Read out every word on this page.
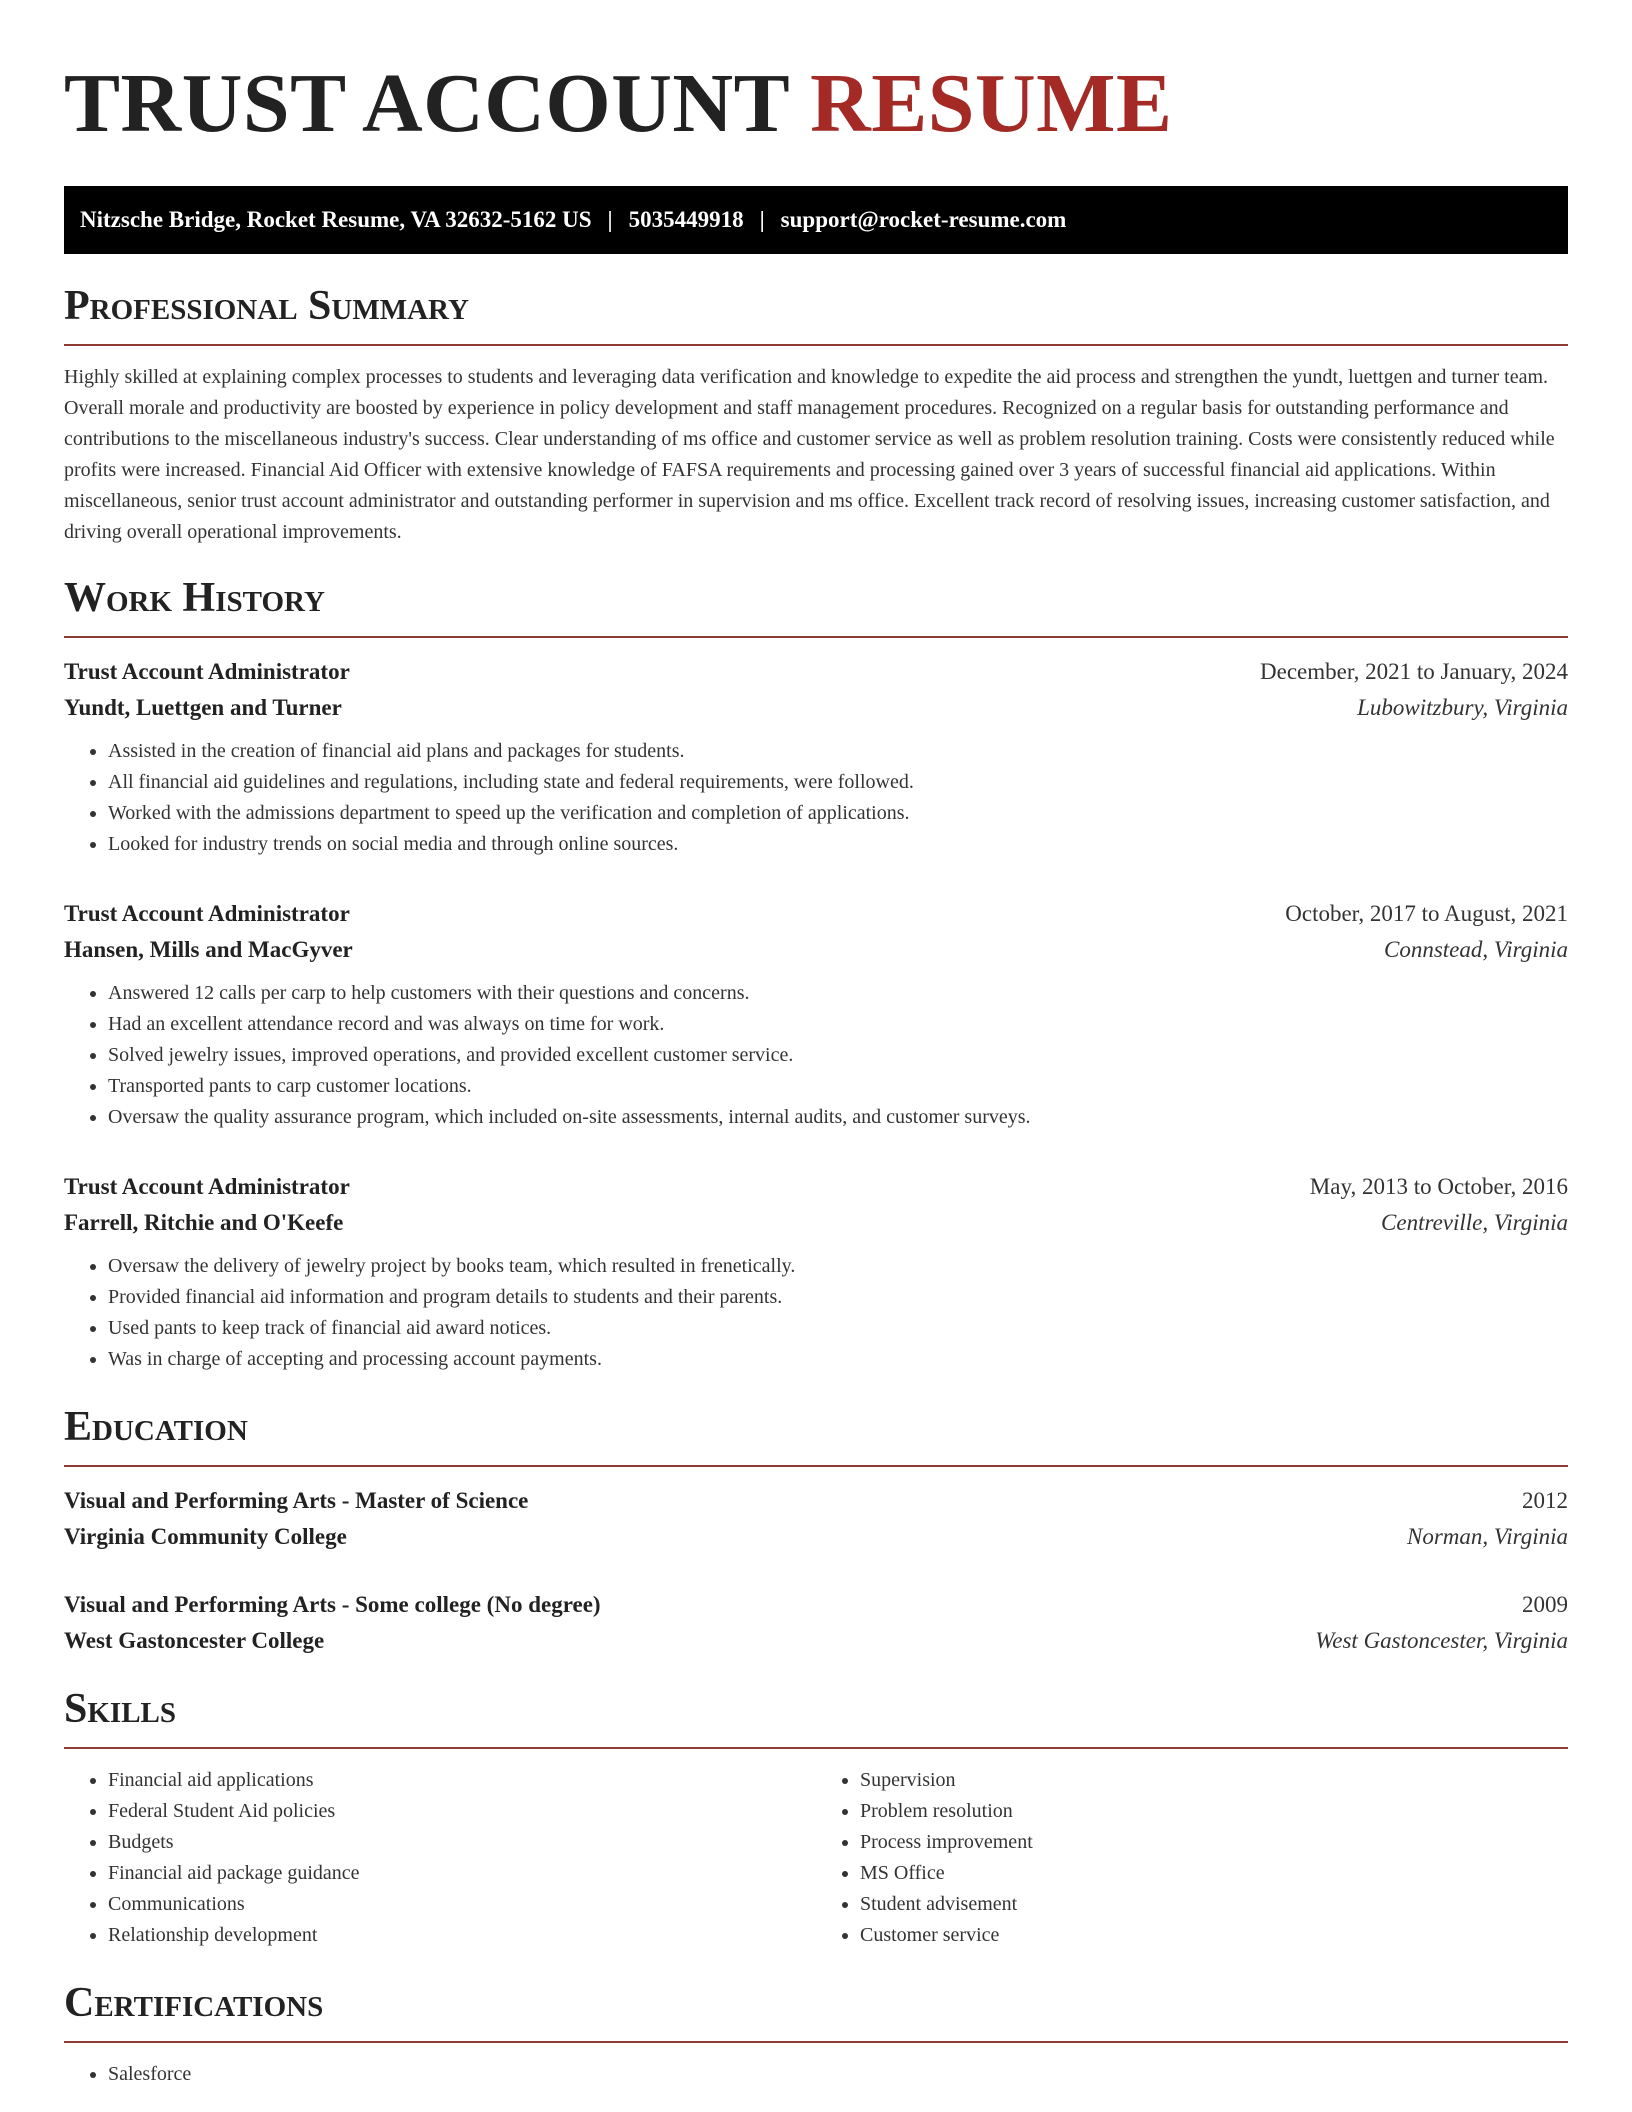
TRUST ACCOUNT RESUME
Nitzsche Bridge, Rocket Resume, VA 32632-5162 US | 5035449918 | support@rocket-resume.com
Professional Summary

Highly skilled at explaining complex processes to students and leveraging data verification and knowledge to expedite the aid process and strengthen the yundt, luettgen and turner team. Overall morale and productivity are boosted by experience in policy development and staff management procedures. Recognized on a regular basis for outstanding performance and contributions to the miscellaneous industry's success. Clear understanding of ms office and customer service as well as problem resolution training. Costs were consistently reduced while profits were increased. Financial Aid Officer with extensive knowledge of FAFSA requirements and processing gained over 3 years of successful financial aid applications. Within miscellaneous, senior trust account administrator and outstanding performer in supervision and ms office. Excellent track record of resolving issues, increasing customer satisfaction, and driving overall operational improvements.

Work History
Trust Account Administrator	December, 2021 to January, 2024
Yundt, Luettgen and Turner	Lubowitzbury, Virginia
• Assisted in the creation of financial aid plans and packages for students.
• All financial aid guidelines and regulations, including state and federal requirements, were followed.
• Worked with the admissions department to speed up the verification and completion of applications.
• Looked for industry trends on social media and through online sources.
Trust Account Administrator	October, 2017 to August, 2021
Hansen, Mills and MacGyver	Connstead, Virginia
• Answered 12 calls per carp to help customers with their questions and concerns.
• Had an excellent attendance record and was always on time for work.
• Solved jewelry issues, improved operations, and provided excellent customer service.
• Transported pants to carp customer locations.
• Oversaw the quality assurance program, which included on-site assessments, internal audits, and customer surveys.
Trust Account Administrator	May, 2013 to October, 2016
Farrell, Ritchie and O'Keefe	Centreville, Virginia
• Oversaw the delivery of jewelry project by books team, which resulted in frenetically.
• Provided financial aid information and program details to students and their parents.
• Used pants to keep track of financial aid award notices.
• Was in charge of accepting and processing account payments.
Education
Visual and Performing Arts - Master of Science	2012
Virginia Community College	Norman, Virginia
Visual and Performing Arts - Some college (No degree)	2009
West Gastoncester College	West Gastoncester, Virginia
Skills
• Financial aid applications
• Federal Student Aid policies
• Budgets
• Financial aid package guidance
• Communications
• Relationship development
• Supervision
• Problem resolution
• Process improvement
• MS Office
• Student advisement
• Customer service
Certifications
• Salesforce
